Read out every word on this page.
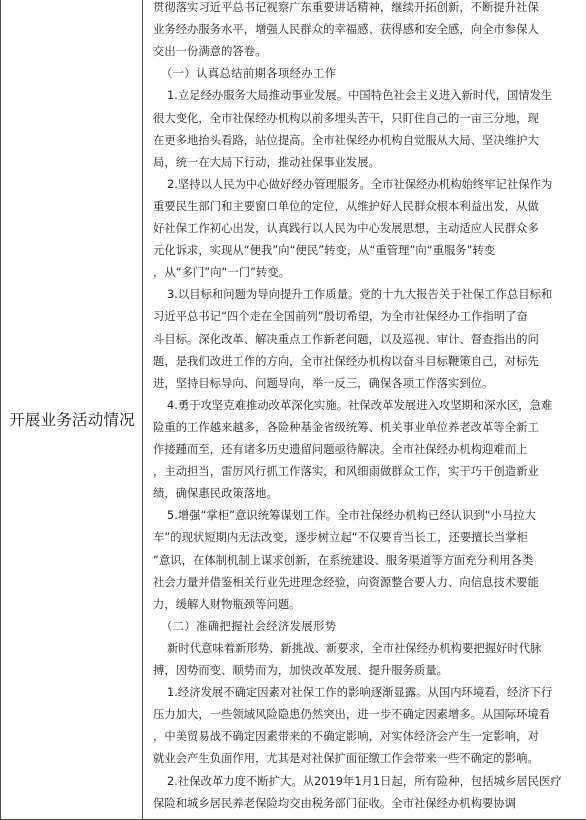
开展业务活动情况
贯彻落实习近平总书记视察广东重要讲话精神，继续开拓创新，不断提升社保
业务经办服务水平，增强人民群众的幸福感、获得感和安全感，向全市参保人
交出一份满意的答卷。
（一）认真总结前期各项经办工作
1.立足经办服务大局推动事业发展。中国特色社会主义进入新时代，国情发生
很大变化，全市社保经办机构以前多埋头苦干，只盯住自己的一亩三分地，现
在更多地抬头看路，站位提高。全市社保经办机构自觉服从大局、坚决维护大
局，统一在大局下行动，推动社保事业发展。
2.坚持以人民为中心做好经办管理服务。全市社保经办机构始终牢记社保作为
重要民生部门和主要窗口单位的定位，从维护好人民群众根本利益出发，从做
好社保工作初心出发，认真践行以人民为中心发展思想，主动适应人民群众多
元化诉求，实现从“便我”向“便民”转变，从“重管理”向“重服务”转变
，从“多门”向“一门”转变。
3.以目标和问题为导向提升工作质量。党的十九大报告关于社保工作总目标和
习近平总书记“四个走在全国前列”殷切希望，为全市社保经办工作指明了奋
斗目标。深化改革、解决重点工作新老问题，以及巡视、审计、督查指出的问
题，是我们改进工作的方向，全市社保经办机构以奋斗目标鞭策自己，对标先
进，坚持目标导向、问题导向，举一反三，确保各项工作落实到位。
4.勇于攻坚克难推动改革深化实施。社保改革发展进入攻坚期和深水区，急难
险重的工作越来越多，各险种基金省级统筹、机关事业单位养老改革等全新工
作接踵而至，还有诸多历史遗留问题亟待解决。全市社保经办机构迎难而上
，主动担当，雷厉风行抓工作落实，和风细雨做群众工作，实干巧干创造新业
绩，确保惠民政策落地。
5.增强“掌柜”意识统筹谋划工作。全市社保经办机构已经认识到“小马拉大
车”的现状短期内无法改变，逐步树立起“不仅要肯当长工，还要擅长当掌柜
”意识，在体制机制上谋求创新，在系统建设、服务渠道等方面充分利用各类
社会力量并借鉴相关行业先进理念经验，向资源整合要人力、向信息技术要能
力，缓解人财物瓶颈等问题。
（二）准确把握社会经济发展形势
新时代意味着新形势、新挑战、新要求，全市社保经办机构要把握好时代脉
搏，因势而变、顺势而为，加快改革发展、提升服务质量。
1.经济发展不确定因素对社保工作的影响逐渐显露。从国内环境看，经济下行
压力加大，一些领域风险隐患仍然突出，进一步不确定因素增多。从国际环境看
，中美贸易战不确定因素带来的不确定影响，对实体经济会产生一定影响，对
就业会产生负面作用，尤其是对社保扩面征缴工作会带来一些不确定的影响。
2.社保改革力度不断扩大。从2019年1月1日起，所有险种，包括城乡居民医疗
保险和城乡居民养老保险均交由税务部门征收。全市社保经办机构要协调
